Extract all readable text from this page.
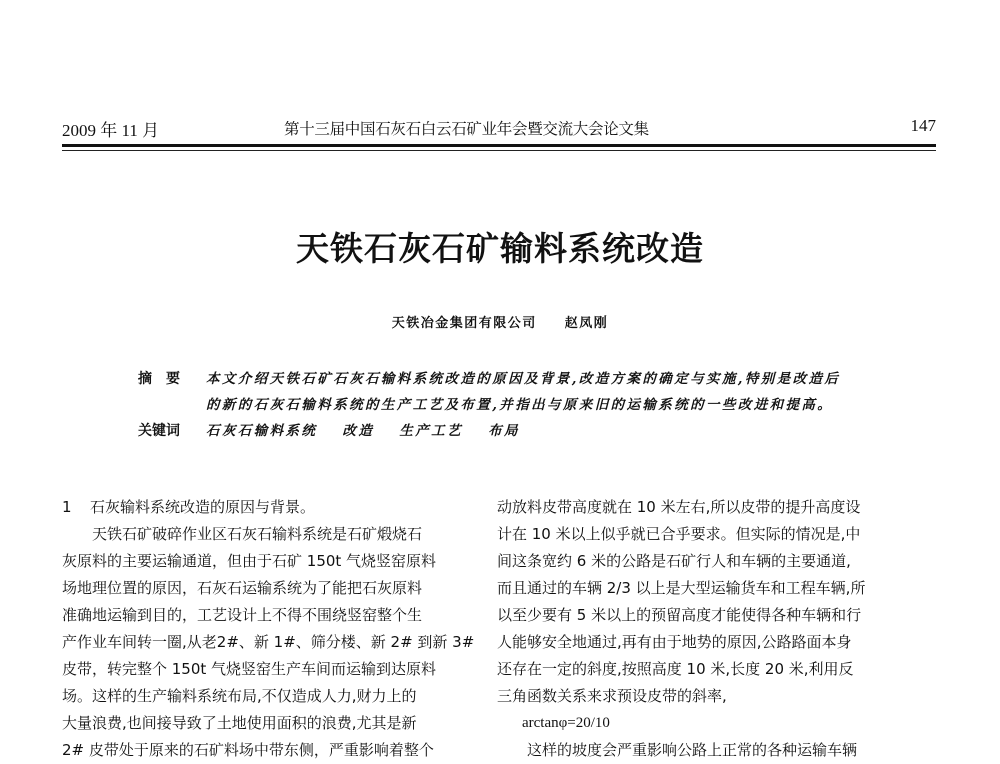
2009 年 11 月	第十三届中国石灰石白云石矿业年会暨交流大会论文集	147
天铁石灰石矿输料系统改造
天铁冶金集团有限公司 赵凤刚
摘要 本文介绍天铁石矿石灰石输料系统改造的原因及背景,改造方案的确定与实施,特别是改造后
的新的石灰石输料系统的生产工艺及布置,并指出与原来旧的运输系统的一些改进和提高。
关键词	石灰石输料系统 改造 生产工艺 布局
1 石灰输料系统改造的原因与背景。
天铁石矿破碎作业区石灰石输料系统是石矿煅烧石
灰原料的主要运输通道，但由于石矿 150t 气烧竖窑原料
场地理位置的原因，石灰石运输系统为了能把石灰原料
准确地运输到目的，工艺设计上不得不围绕竖窑整个生
产作业车间转一圈,从老2#、新 1#、筛分楼、新 2# 到新 3#
皮带，转完整个 150t 气烧竖窑生产车间而运输到达原料
场。这样的生产输料系统布局,不仅造成人力,财力上的
大量浪费,也间接导致了土地使用面积的浪费,尤其是新
2# 皮带处于原来的石矿料场中带东侧，严重影响着整个
动放料皮带高度就在 10 米左右,所以皮带的提升高度设
计在 10 米以上似乎就已合乎要求。但实际的情况是,中
间这条宽约 6 米的公路是石矿行人和车辆的主要通道,
而且通过的车辆 2/3 以上是大型运输货车和工程车辆,所
以至少要有 5 米以上的预留高度才能使得各种车辆和行
人能够安全地通过,再有由于地势的原因,公路路面本身
还存在一定的斜度,按照高度 10 米,长度 20 米,利用反
三角函数关系来求预设皮带的斜率,
arctanφ=20/10
这样的坡度会严重影响公路上正常的各种运输车辆
